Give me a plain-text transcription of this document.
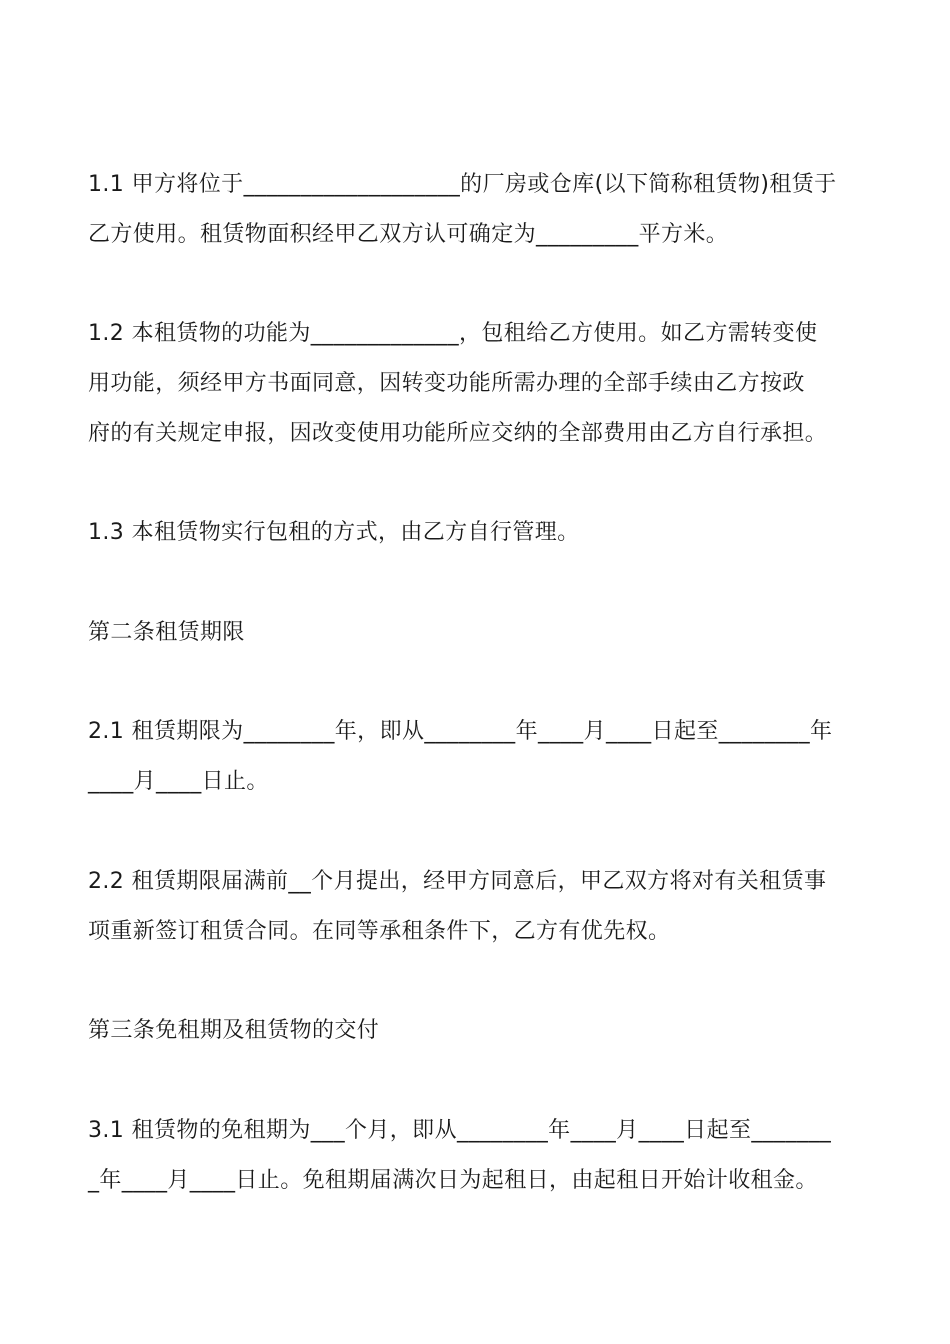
1.1 甲方将位于___________________的厂房或仓库(以下简称租赁物)租赁于
乙方使用。租赁物面积经甲乙双方认可确定为_________平方米。
1.2 本租赁物的功能为_____________，包租给乙方使用。如乙方需转变使
用功能，须经甲方书面同意，因转变功能所需办理的全部手续由乙方按政
府的有关规定申报，因改变使用功能所应交纳的全部费用由乙方自行承担。
1.3 本租赁物实行包租的方式，由乙方自行管理。
第二条租赁期限
2.1 租赁期限为________年，即从________年____月____日起至________年
____月____日止。
2.2 租赁期限届满前__个月提出，经甲方同意后，甲乙双方将对有关租赁事
项重新签订租赁合同。在同等承租条件下，乙方有优先权。
第三条免租期及租赁物的交付
3.1 租赁物的免租期为___个月，即从________年____月____日起至_______
_年____月____日止。免租期届满次日为起租日，由起租日开始计收租金。
